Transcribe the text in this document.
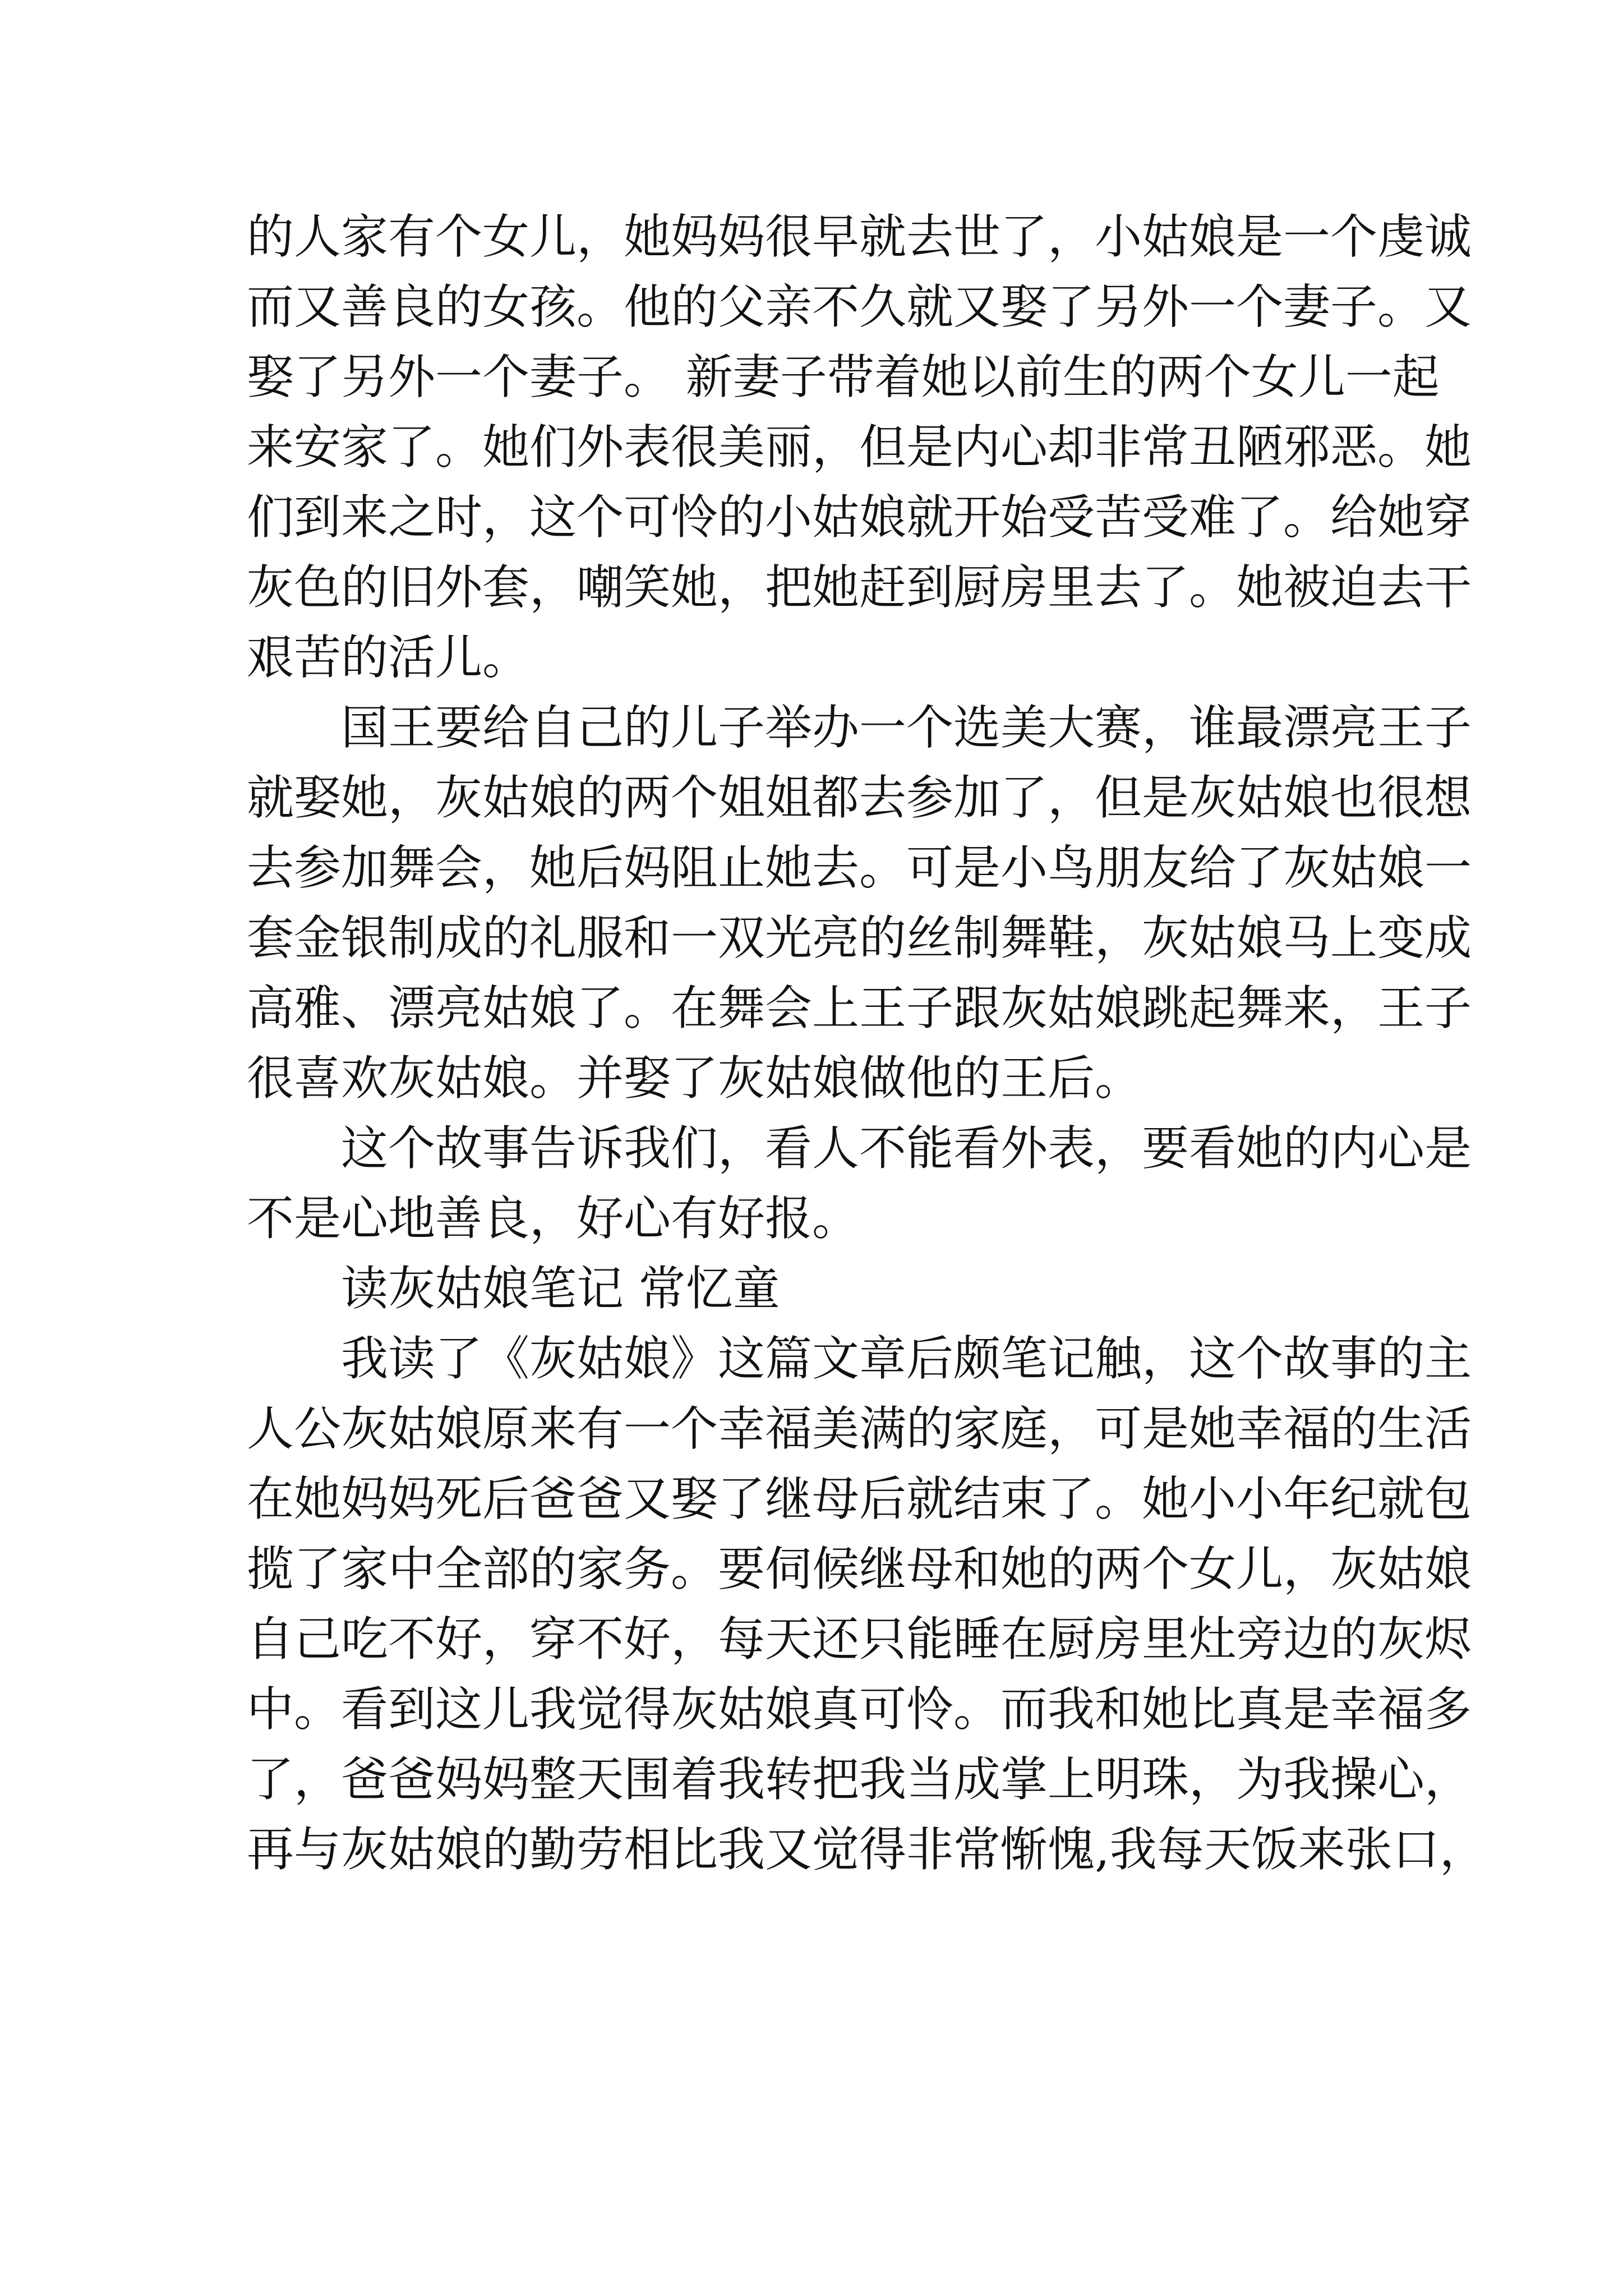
的人家有个女儿，她妈妈很早就去世了，小姑娘是一个虔诚
而又善良的女孩。他的父亲不久就又娶了另外一个妻子。又
娶了另外一个妻子。 新妻子带着她以前生的两个女儿一起
来安家了。她们外表很美丽，但是内心却非常丑陋邪恶。她
们到来之时，这个可怜的小姑娘就开始受苦受难了。给她穿
灰色的旧外套，嘲笑她，把她赶到厨房里去了。她被迫去干
艰苦的活儿。
国王要给自己的儿子举办一个选美大赛，谁最漂亮王子
就娶她，灰姑娘的两个姐姐都去参加了，但是灰姑娘也很想
去参加舞会，她后妈阻止她去。可是小鸟朋友给了灰姑娘一
套金银制成的礼服和一双光亮的丝制舞鞋，灰姑娘马上变成
高雅、漂亮姑娘了。在舞会上王子跟灰姑娘跳起舞来，王子
很喜欢灰姑娘。并娶了灰姑娘做他的王后。
这个故事告诉我们，看人不能看外表，要看她的内心是
不是心地善良，好心有好报。
读灰姑娘笔记 常忆童
我读了《灰姑娘》这篇文章后颇笔记触，这个故事的主
人公灰姑娘原来有一个幸福美满的家庭，可是她幸福的生活
在她妈妈死后爸爸又娶了继母后就结束了。她小小年纪就包
揽了家中全部的家务。要伺候继母和她的两个女儿，灰姑娘
自己吃不好，穿不好，每天还只能睡在厨房里灶旁边的灰烬
中。看到这儿我觉得灰姑娘真可怜。而我和她比真是幸福多
了，爸爸妈妈整天围着我转把我当成掌上明珠，为我操心，
再与灰姑娘的勤劳相比我又觉得非常惭愧,我每天饭来张口，
